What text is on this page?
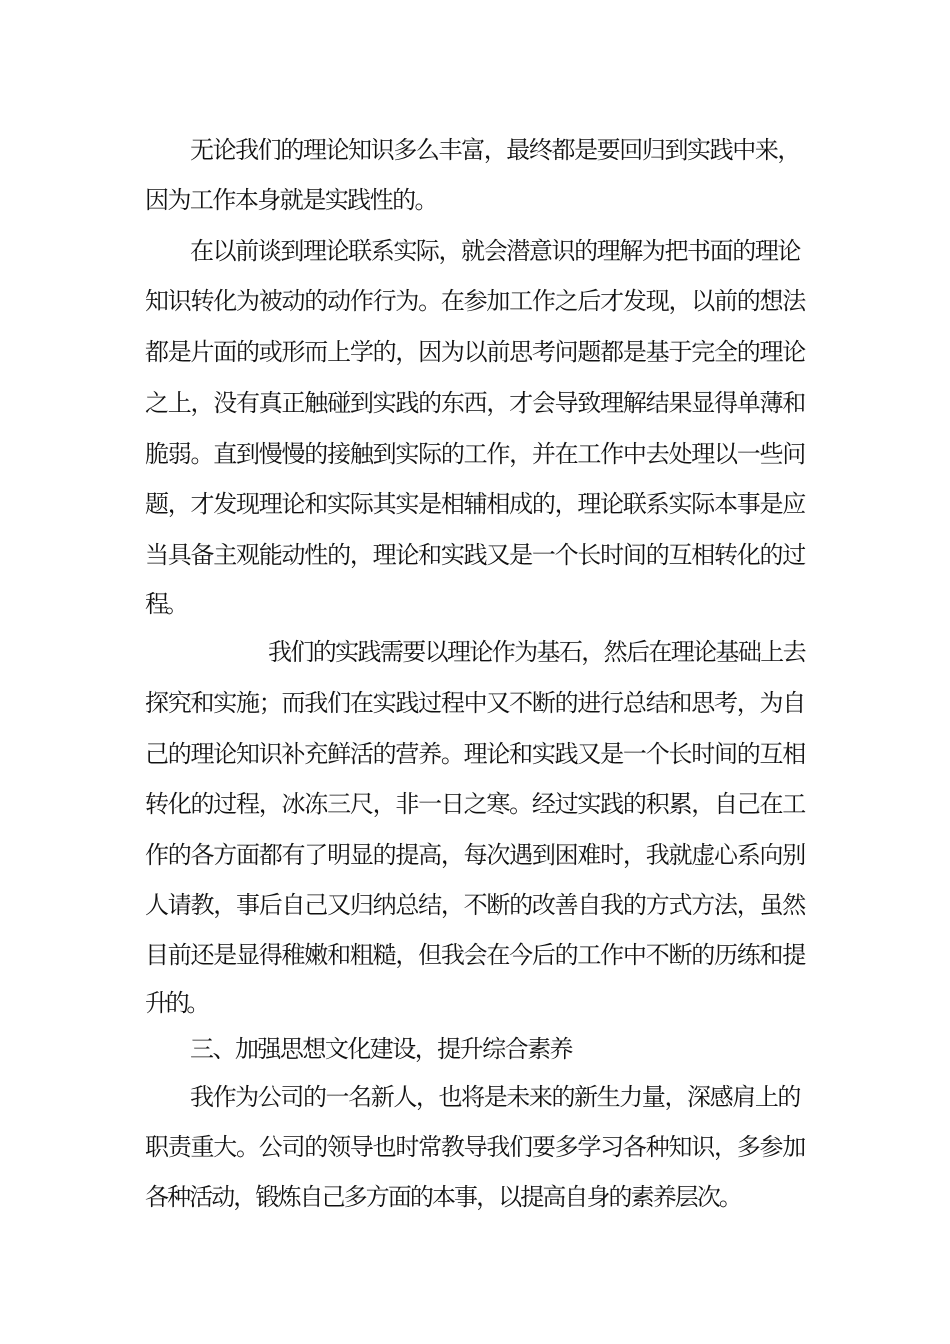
无论我们的理论知识多么丰富，最终都是要回归到实践中来，

因为工作本身就是实践性的。

在以前谈到理论联系实际，就会潜意识的理解为把书面的理论

知识转化为被动的动作行为。在参加工作之后才发现，以前的想法

都是片面的或形而上学的，因为以前思考问题都是基于完全的理论

之上，没有真正触碰到实践的东西，才会导致理解结果显得单薄和

脆弱。直到慢慢的接触到实际的工作，并在工作中去处理以一些问

题，才发现理论和实际其实是相辅相成的，理论联系实际本事是应

当具备主观能动性的，理论和实践又是一个长时间的互相转化的过

程。

我们的实践需要以理论作为基石，然后在理论基础上去

探究和实施；而我们在实践过程中又不断的进行总结和思考，为自

己的理论知识补充鲜活的营养。理论和实践又是一个长时间的互相

转化的过程，冰冻三尺，非一日之寒。经过实践的积累，自己在工

作的各方面都有了明显的提高，每次遇到困难时，我就虚心系向别

人请教，事后自己又归纳总结，不断的改善自我的方式方法，虽然

目前还是显得稚嫩和粗糙，但我会在今后的工作中不断的历练和提

升的。

三、加强思想文化建设，提升综合素养

我作为公司的一名新人，也将是未来的新生力量，深感肩上的

职责重大。公司的领导也时常教导我们要多学习各种知识，多参加

各种活动，锻炼自己多方面的本事，以提高自身的素养层次。
